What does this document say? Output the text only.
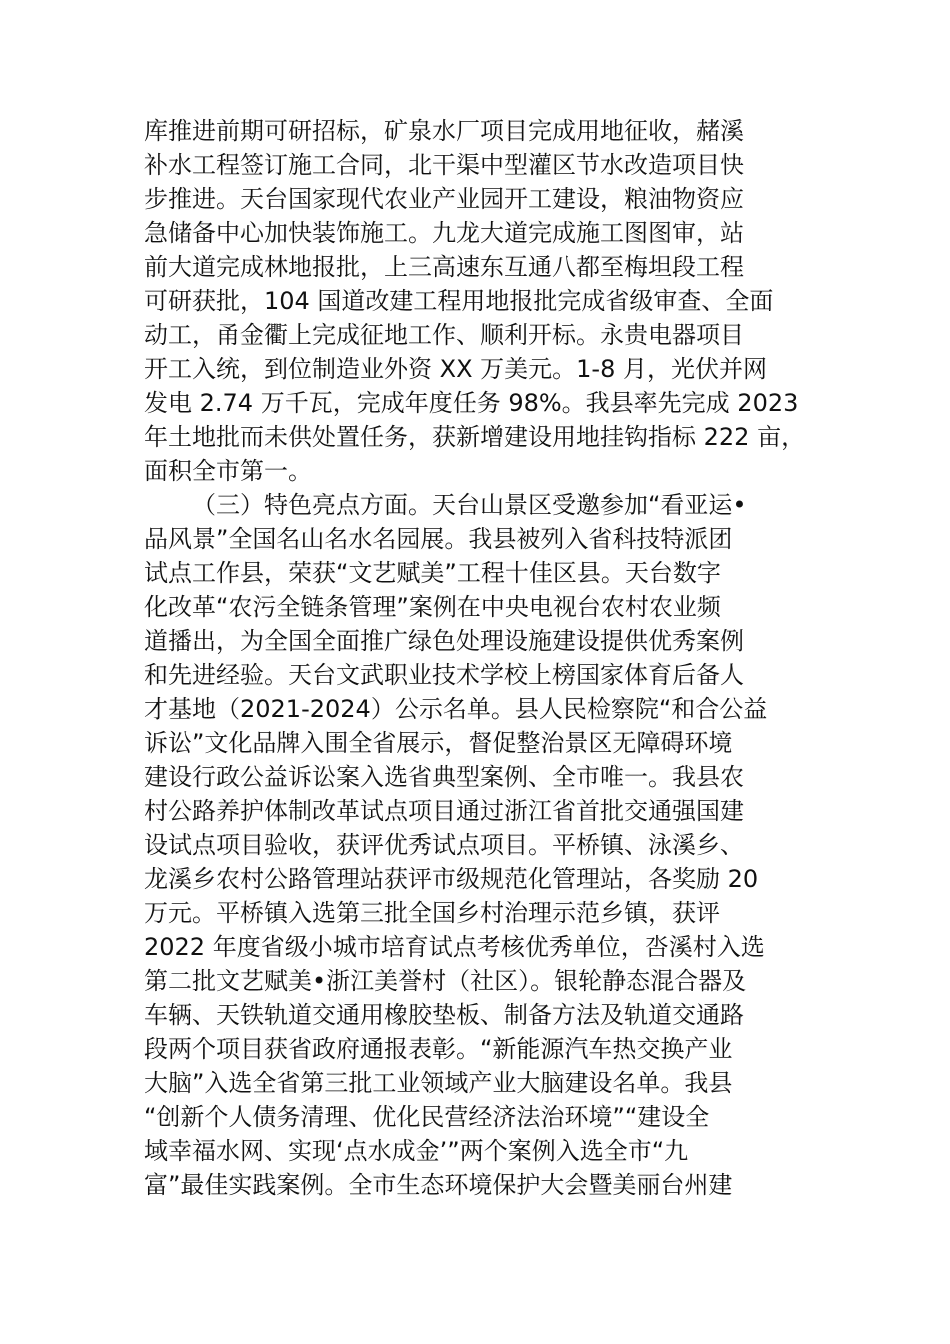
库推进前期可研招标，矿泉水厂项目完成用地征收，赭溪
补水工程签订施工合同，北干渠中型灌区节水改造项目快
步推进。天台国家现代农业产业园开工建设，粮油物资应
急储备中心加快装饰施工。九龙大道完成施工图图审，站
前大道完成林地报批，上三高速东互通八都至梅坦段工程
可研获批，104 国道改建工程用地报批完成省级审查、全面
动工，甬金衢上完成征地工作、顺利开标。永贵电器项目
开工入统，到位制造业外资 XX 万美元。1-8 月，光伏并网
发电 2.74 万千瓦，完成年度任务 98%。我县率先完成 2023
年土地批而未供处置任务，获新增建设用地挂钩指标 222 亩，
面积全市第一。
（三）特色亮点方面。天台山景区受邀参加“看亚运•
品风景”全国名山名水名园展。我县被列入省科技特派团
试点工作县，荣获“文艺赋美”工程十佳区县。天台数字
化改革“农污全链条管理”案例在中央电视台农村农业频
道播出，为全国全面推广绿色处理设施建设提供优秀案例
和先进经验。天台文武职业技术学校上榜国家体育后备人
才基地（2021-2024）公示名单。县人民检察院“和合公益
诉讼”文化品牌入围全省展示，督促整治景区无障碍环境
建设行政公益诉讼案入选省典型案例、全市唯一。我县农
村公路养护体制改革试点项目通过浙江省首批交通强国建
设试点项目验收，获评优秀试点项目。平桥镇、泳溪乡、
龙溪乡农村公路管理站获评市级规范化管理站，各奖励 20
万元。平桥镇入选第三批全国乡村治理示范乡镇，获评
2022 年度省级小城市培育试点考核优秀单位，呇溪村入选
第二批文艺赋美•浙江美誉村（社区）。银轮静态混合器及
车辆、天铁轨道交通用橡胶垫板、制备方法及轨道交通路
段两个项目获省政府通报表彰。“新能源汽车热交换产业
大脑”入选全省第三批工业领域产业大脑建设名单。我县
“创新个人债务清理、优化民营经济法治环境”“建设全
域幸福水网、实现‘点水成金’”两个案例入选全市“九
富”最佳实践案例。全市生态环境保护大会暨美丽台州建
